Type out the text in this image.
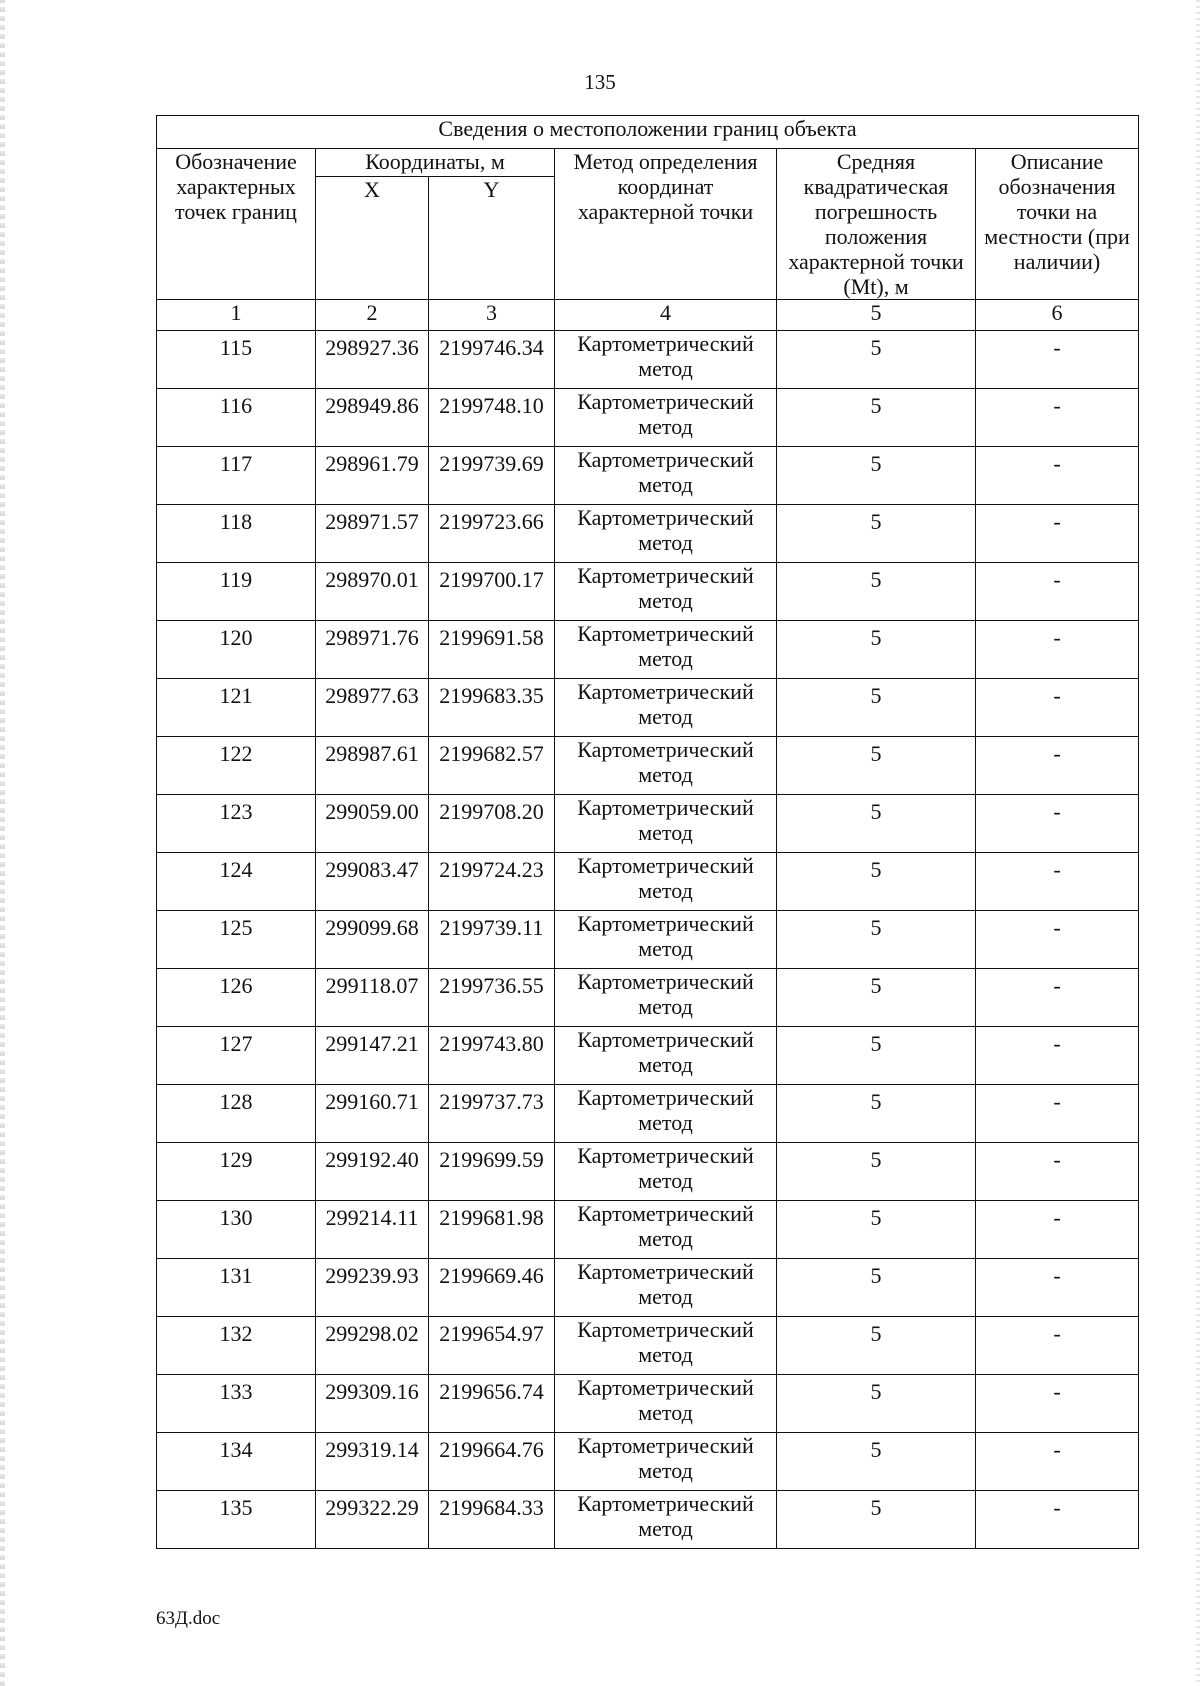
135
Сведения о местоположении границ объекта					
Обозначение характерных точек границ	Координаты, м		Метод определения координат характерной точки	Средняя квадратическая погрешность положения характерной точки (Mt), м	Описание обозначения точки на местности (при наличии)
	X	Y			
1	2	3	4	5	6
115	298927.36	2199746.34	Картометрический метод	5	-
116	298949.86	2199748.10	Картометрический метод	5	-
117	298961.79	2199739.69	Картометрический метод	5	-
118	298971.57	2199723.66	Картометрический метод	5	-
119	298970.01	2199700.17	Картометрический метод	5	-
120	298971.76	2199691.58	Картометрический метод	5	-
121	298977.63	2199683.35	Картометрический метод	5	-
122	298987.61	2199682.57	Картометрический метод	5	-
123	299059.00	2199708.20	Картометрический метод	5	-
124	299083.47	2199724.23	Картометрический метод	5	-
125	299099.68	2199739.11	Картометрический метод	5	-
126	299118.07	2199736.55	Картометрический метод	5	-
127	299147.21	2199743.80	Картометрический метод	5	-
128	299160.71	2199737.73	Картометрический метод	5	-
129	299192.40	2199699.59	Картометрический метод	5	-
130	299214.11	2199681.98	Картометрический метод	5	-
131	299239.93	2199669.46	Картометрический метод	5	-
132	299298.02	2199654.97	Картометрический метод	5	-
133	299309.16	2199656.74	Картометрический метод	5	-
134	299319.14	2199664.76	Картометрический метод	5	-
135	299322.29	2199684.33	Картометрический метод	5	-
63Д.doc
